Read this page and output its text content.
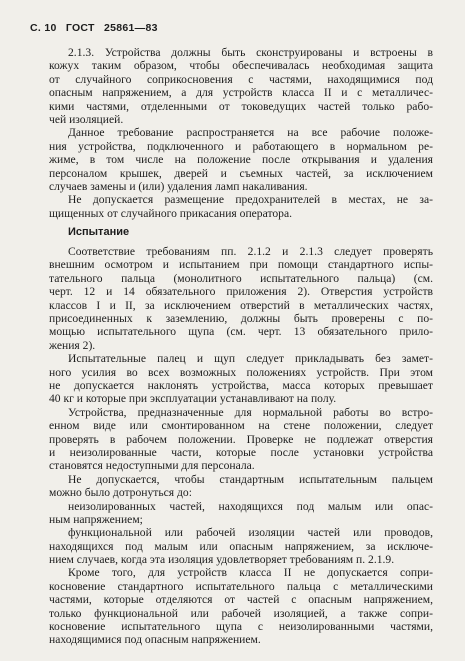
С. 10 ГОСТ 25861—83
2.1.3. Устройства должны быть сконструированы и встроены в
кожух таким образом, чтобы обеспечивалась необходимая защита
от случайного соприкосновения с частями, находящимися под
опасным напряжением, а для устройств класса II и с металличес-
кими частями, отделенными от токоведущих частей только рабо-
чей изоляцией.
Данное требование распространяется на все рабочие положе-
ния устройства, подключенного и работающего в нормальном ре-
жиме, в том числе на положение после открывания и удаления
персоналом крышек, дверей и съемных частей, за исключением
случаев замены и (или) удаления ламп накаливания.
Не допускается размещение предохранителей в местах, не за-
щищенных от случайного прикасания оператора.
Испытание
Соответствие требованиям пп. 2.1.2 и 2.1.3 следует проверять
внешним осмотром и испытанием при помощи стандартного испы-
тательного пальца (монолитного испытательного пальца) (см.
черт. 12 и 14 обязательного приложения 2). Отверстия устройств
классов I и II, за исключением отверстий в металлических частях,
присоединенных к заземлению, должны быть проверены с по-
мощью испытательного щупа (см. черт. 13 обязательного прило-
жения 2).
Испытательные палец и щуп следует прикладывать без замет-
ного усилия во всех возможных положениях устройств. При этом
не допускается наклонять устройства, масса которых превышает
40 кг и которые при эксплуатации устанавливают на полу.
Устройства, предназначенные для нормальной работы во встро-
енном виде или смонтированном на стене положении, следует
проверять в рабочем положении. Проверке не подлежат отверстия
и неизолированные части, которые после установки устройства
становятся недоступными для персонала.
Не допускается, чтобы стандартным испытательным пальцем
можно было дотронуться до:
неизолированных частей, находящихся под малым или опас-
ным напряжением;
функциональной или рабочей изоляции частей или проводов,
находящихся под малым или опасным напряжением, за исключе-
нием случаев, когда эта изоляция удовлетворяет требованиям п. 2.1.9.
Кроме того, для устройств класса II не допускается сопри-
косновение стандартного испытательного пальца с металлическими
частями, которые отделяются от частей с опасным напряжением,
только функциональной или рабочей изоляцией, а также сопри-
косновение испытательного щупа с неизолированными частями,
находящимися под опасным напряжением.
